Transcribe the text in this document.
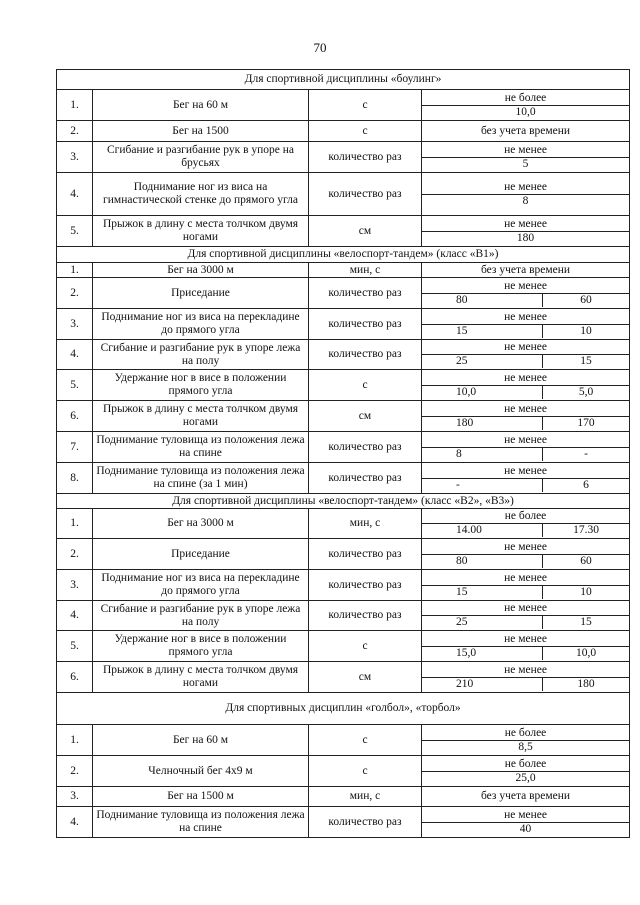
70
Для спортивной дисциплины «боулинг»			
1.	Бег на 60 м	с	не более
10,0

2.	Бег на 1500	с	без учета времени

3.	Сгибание и разгибание рук в упоре на брусьях	количество раз	не менее
5

4.	Поднимание ног из виса на гимнастической стенке до прямого угла	количество раз	не менее
8

5.	Прыжок в длину с места толчком двумя ногами	см	не менее
180

Для спортивной дисциплины «велоспорт-тандем» (класс «В1»)			
1.	Бег на 3000 м	мин, с	без учета времени

2.	Приседание	количество раз	не менее
80 60

3.	Поднимание ног из виса на перекладине до прямого угла	количество раз	не менее
15 10

4.	Сгибание и разгибание рук в упоре лежа на полу	количество раз	не менее
25 15

5.	Удержание ног в висе в положении прямого угла	с	не менее
10,0 5,0

6.	Прыжок в длину с места толчком двумя ногами	см	не менее
180 170

7.	Поднимание туловища из положения лежа на спине	количество раз	не менее
8 -

8.	Поднимание туловища из положения лежа на спине (за 1 мин)	количество раз	не менее
- 6

Для спортивной дисциплины «велоспорт-тандем» (класс «В2», «В3»)			
1.	Бег на 3000 м	мин, с	не более
14.00 17.30

2.	Приседание	количество раз	не менее
80 60

3.	Поднимание ног из виса на перекладине до прямого угла	количество раз	не менее
15 10

4.	Сгибание и разгибание рук в упоре лежа на полу	количество раз	не менее
25 15

5.	Удержание ног в висе в положении прямого угла	с	не менее
15,0 10,0

6.	Прыжок в длину с места толчком двумя ногами	см	не менее
210 180

Для спортивных дисциплин «голбол», «торбол»			
1.	Бег на 60 м	с	не более
8,5

2.	Челночный бег 4х9 м	с	не более
25,0

3.	Бег на 1500 м	мин, с	без учета времени

4.	Поднимание туловища из положения лежа на спине	количество раз	не менее
40
